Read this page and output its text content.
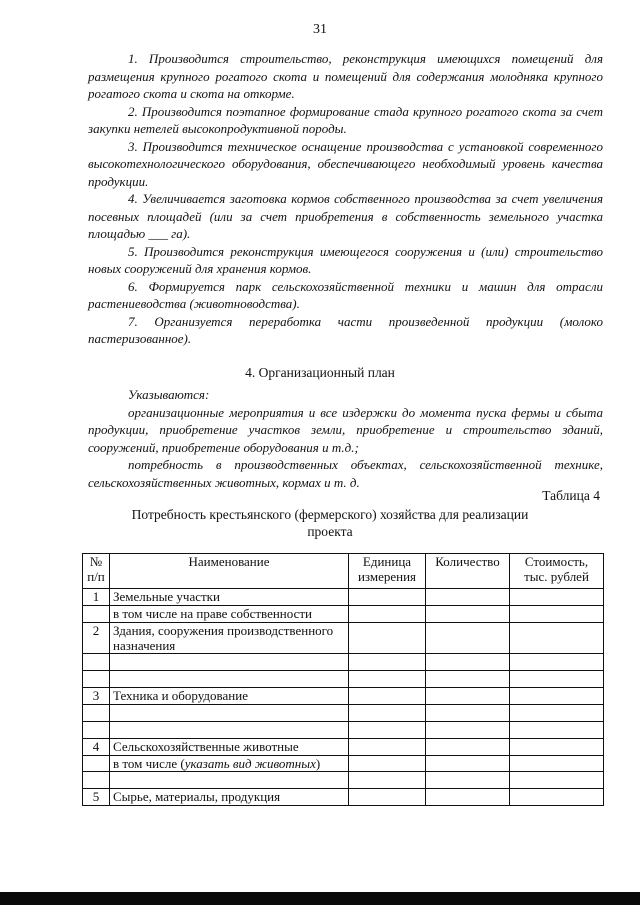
31

1. Производится строительство, реконструкция имеющихся помещений для размещения крупного рогатого скота и помещений для содержания молодняка крупного рогатого скота и скота на откорме.

2. Производится поэтапное формирование стада крупного рогатого скота за счет закупки нетелей высокопродуктивной породы.

3. Производится техническое оснащение производства с установкой современного высокотехнологического оборудования, обеспечивающего необходимый уровень качества продукции.

4. Увеличивается заготовка кормов собственного производства за счет увеличения посевных площадей (или за счет приобретения в собственность земельного участка площадью ___ га).

5. Производится реконструкция имеющегося сооружения и (или) строительство новых сооружений для хранения кормов.

6. Формируется парк сельскохозяйственной техники и машин для отрасли растениеводства (животноводства).

7. Организуется переработка части произведенной продукции (молоко пастеризованное).

4. Организационный план

Указываются:

организационные мероприятия и все издержки до момента пуска фермы и сбыта продукции, приобретение участков земли, приобретение и строительство зданий, сооружений, приобретение оборудования и т.д.;

потребность в производственных объектах, сельскохозяйственной технике, сельскохозяйственных животных, кормах и т. д.

Таблица 4
Потребность крестьянского (фермерского) хозяйства для реализации проекта
№ п/п	Наименование	Единица измерения	Количество	Стоимость, тыс. рублей
1	Земельные участки			
	в том числе на праве собственности			
2	Здания, сооружения производственного назначения			

3	Техника и оборудование			

4	Сельскохозяйственные животные			
	в том числе (указать вид животных)			

5	Сырье, материалы, продукция			
